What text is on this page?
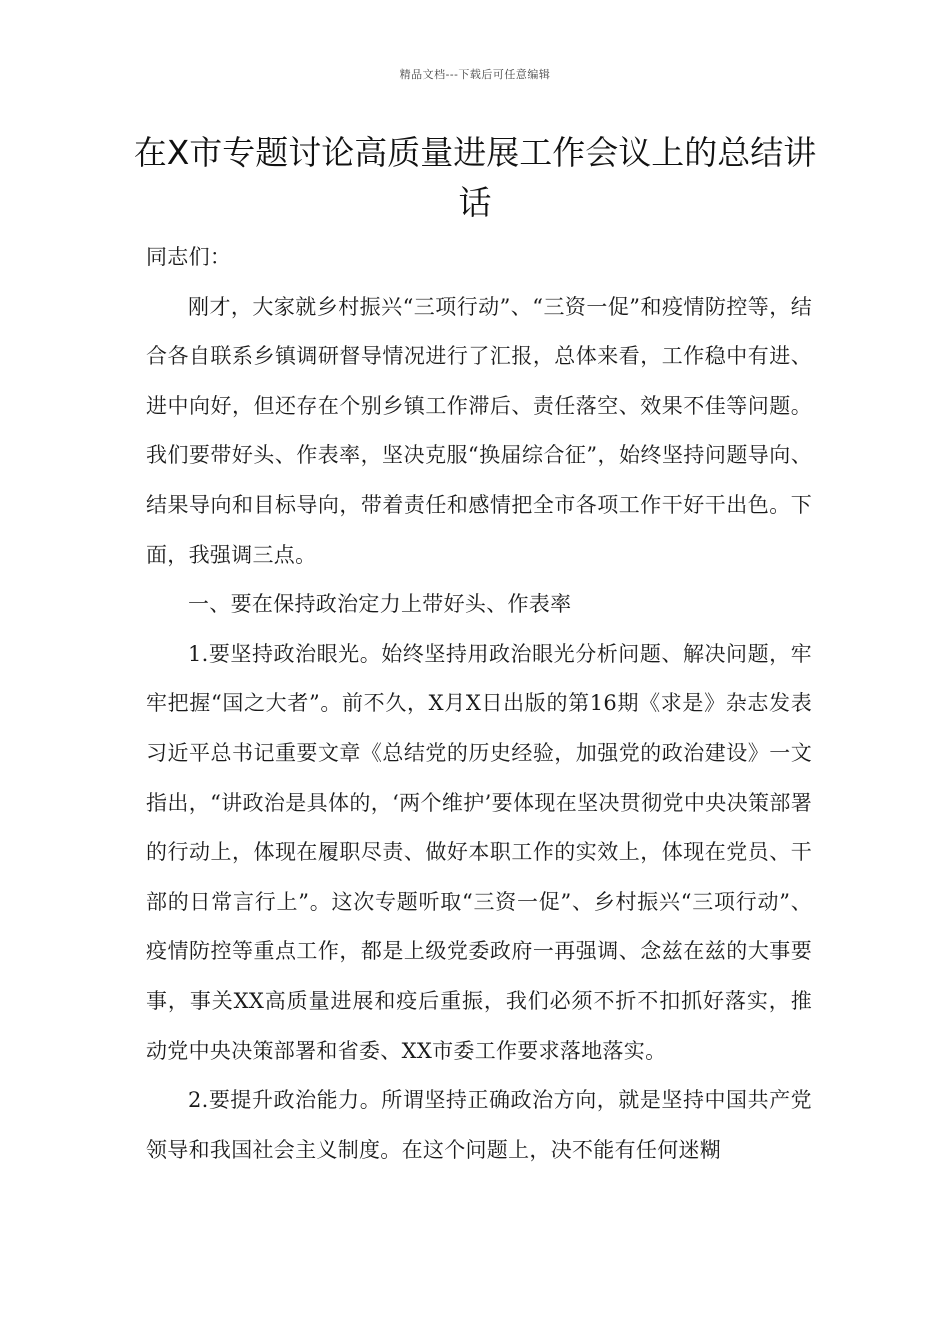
精品文档---下载后可任意编辑
在X市专题讨论高质量进展工作会议上的总结讲话

同志们：

刚才，大家就乡村振兴“三项行动”、“三资一促”和疫情防控等，结合各自联系乡镇调研督导情况进行了汇报，总体来看，工作稳中有进、进中向好，但还存在个别乡镇工作滞后、责任落空、效果不佳等问题。我们要带好头、作表率，坚决克服“换届综合征”，始终坚持问题导向、结果导向和目标导向，带着责任和感情把全市各项工作干好干出色。下面，我强调三点。

一、要在保持政治定力上带好头、作表率

1.要坚持政治眼光。始终坚持用政治眼光分析问题、解决问题，牢牢把握“国之大者”。前不久，X月X日出版的第16期《求是》杂志发表习近平总书记重要文章《总结党的历史经验，加强党的政治建设》一文指出，“讲政治是具体的，‘两个维护’要体现在坚决贯彻党中央决策部署的行动上，体现在履职尽责、做好本职工作的实效上，体现在党员、干部的日常言行上”。这次专题听取“三资一促”、乡村振兴“三项行动”、疫情防控等重点工作，都是上级党委政府一再强调、念兹在兹的大事要事，事关XX高质量进展和疫后重振，我们必须不折不扣抓好落实，推动党中央决策部署和省委、XX市委工作要求落地落实。

2.要提升政治能力。所谓坚持正确政治方向，就是坚持中国共产党领导和我国社会主义制度。在这个问题上，决不能有任何迷糊
